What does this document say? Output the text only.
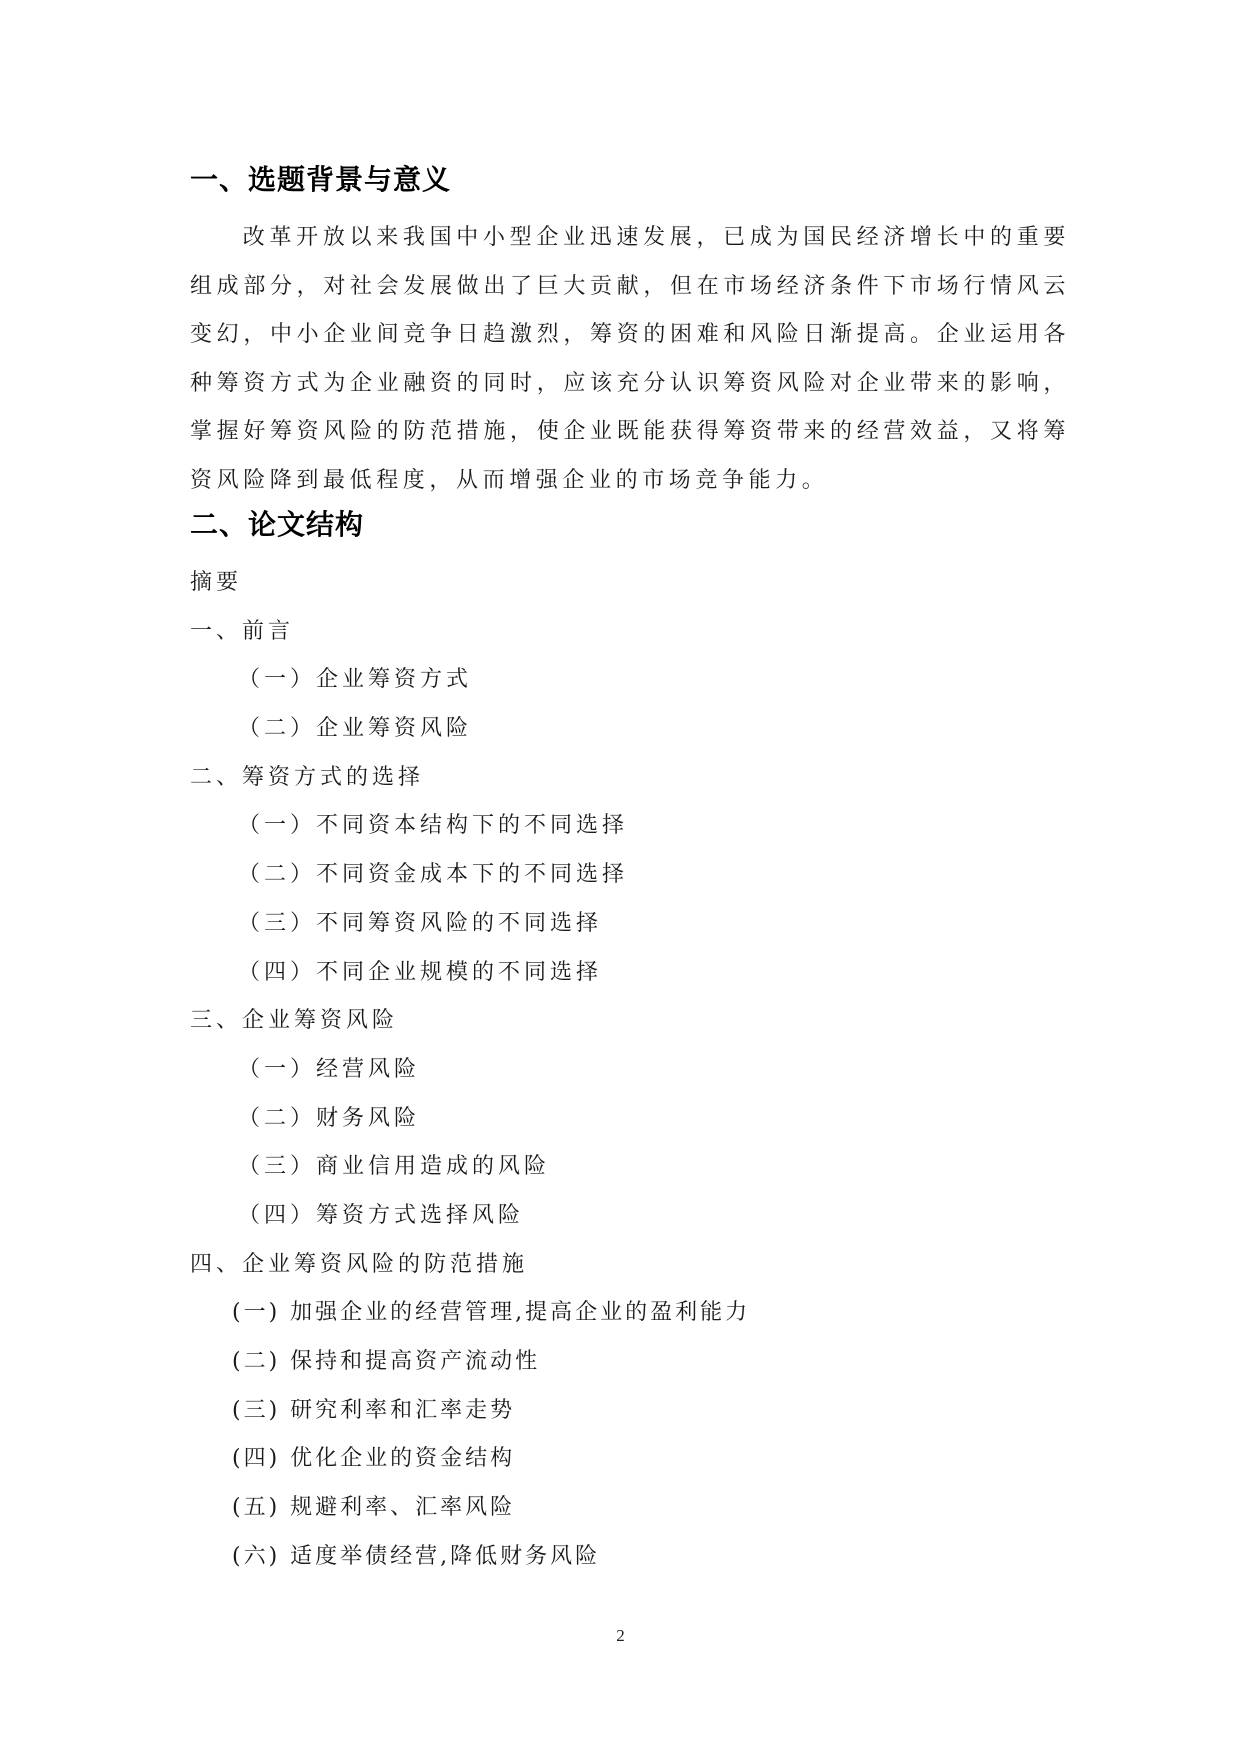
一、选题背景与意义

改革开放以来我国中小型企业迅速发展，已成为国民经济增长中的重要组成部分，对社会发展做出了巨大贡献，但在市场经济条件下市场行情风云变幻，中小企业间竞争日趋激烈，筹资的困难和风险日渐提高。企业运用各种筹资方式为企业融资的同时，应该充分认识筹资风险对企业带来的影响，掌握好筹资风险的防范措施，使企业既能获得筹资带来的经营效益，又将筹资风险降到最低程度，从而增强企业的市场竞争能力。

二、论文结构
摘要
一、前言
（一）企业筹资方式
（二）企业筹资风险
二、筹资方式的选择
（一）不同资本结构下的不同选择
（二）不同资金成本下的不同选择
（三）不同筹资风险的不同选择
（四）不同企业规模的不同选择
三、企业筹资风险
（一）经营风险
（二）财务风险
（三）商业信用造成的风险
（四）筹资方式选择风险
四、企业筹资风险的防范措施
(一) 加强企业的经营管理,提高企业的盈利能力
(二) 保持和提高资产流动性
(三) 研究利率和汇率走势
(四) 优化企业的资金结构
(五) 规避利率、汇率风险
(六) 适度举债经营,降低财务风险
2
